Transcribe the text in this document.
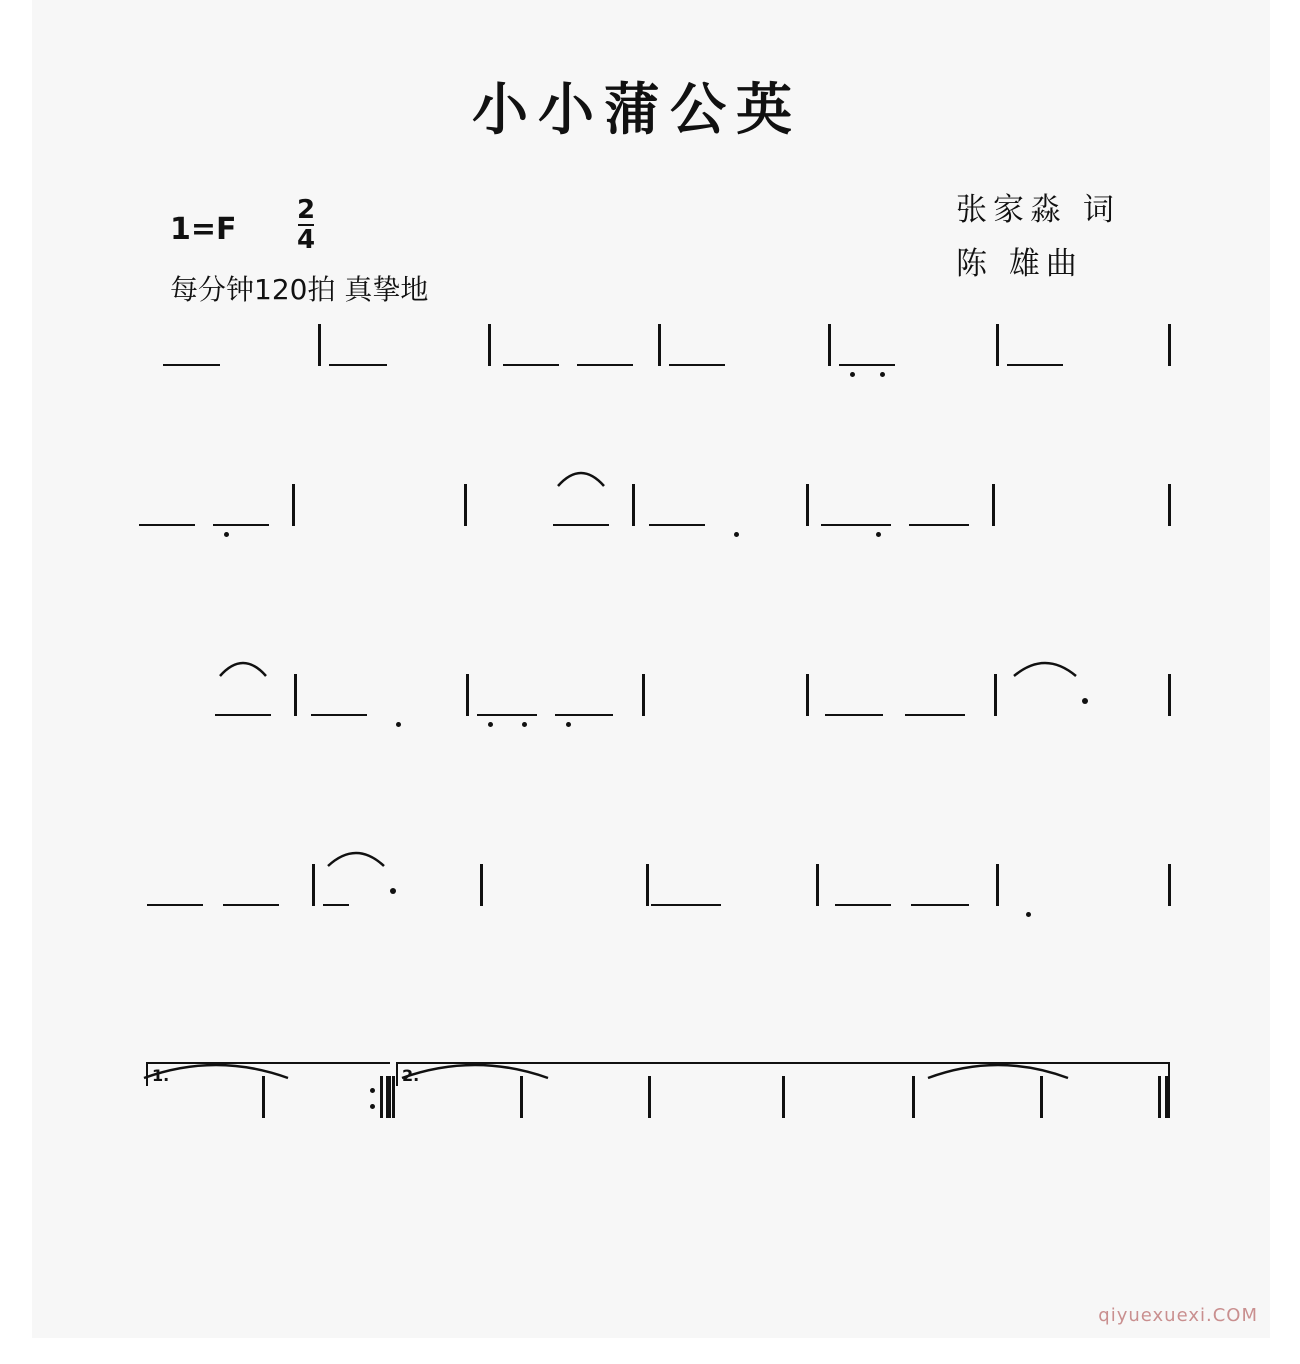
小小蒲公英
1=F
2
4
每分钟120拍 真挚地
张家淼 词
陈 雄曲
1.	2.
qiyuexuexi.COM
